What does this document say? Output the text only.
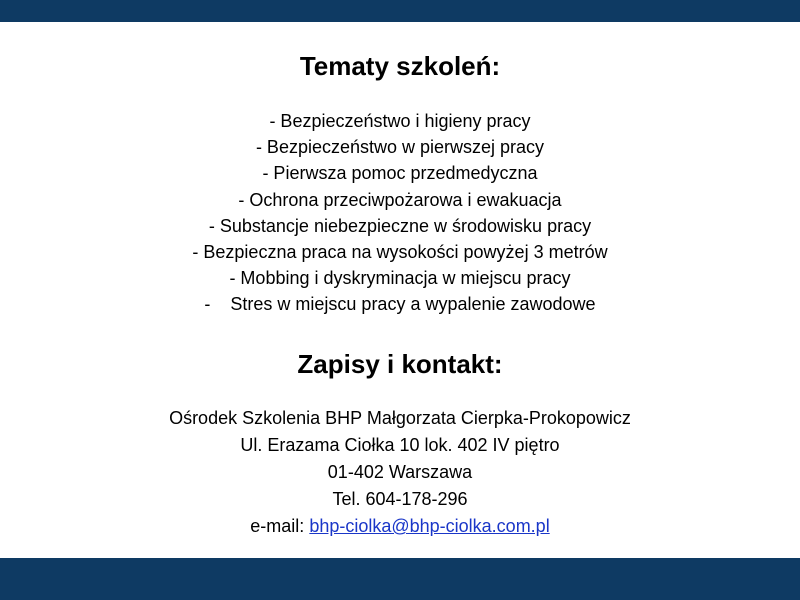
Tematy szkoleń:
- Bezpieczeństwo i higieny pracy
- Bezpieczeństwo w pierwszej pracy
- Pierwsza pomoc przedmedyczna
- Ochrona przeciwpożarowa i ewakuacja
- Substancje niebezpieczne w środowisku pracy
- Bezpieczna praca na wysokości powyżej 3 metrów
- Mobbing i dyskryminacja w miejscu pracy
-    Stres w miejscu pracy a wypalenie zawodowe
Zapisy i kontakt:
Ośrodek Szkolenia BHP Małgorzata Cierpka-Prokopowicz
Ul. Erazama Ciołka 10 lok. 402 IV piętro
01-402 Warszawa
Tel. 604-178-296
e-mail: bhp-ciolka@bhp-ciolka.com.pl
